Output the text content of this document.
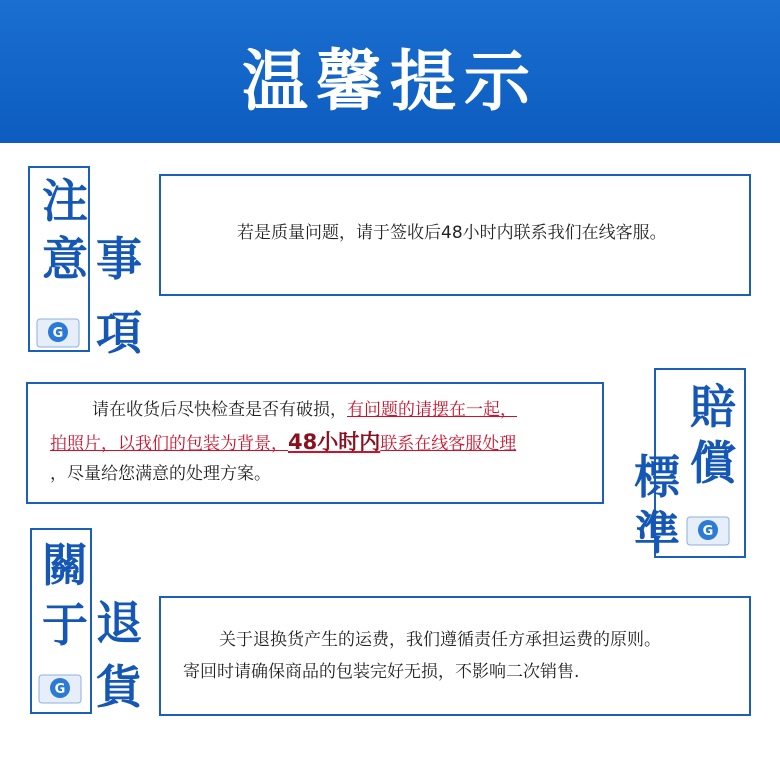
温馨提示
注
意 事
項
G
若是质量问题，请于签收后48小时内联系我们在线客服。
请在收货后尽快检查是否有破损，有问题的请摆在一起，
拍照片，以我们的包装为背景，48小时内联系在线客服处理
，尽量给您满意的处理方案。
賠
償
標
準 G
關
于 退
貨
G
关于退换货产生的运费，我们遵循责任方承担运费的原则。
寄回时请确保商品的包装完好无损，不影响二次销售.
